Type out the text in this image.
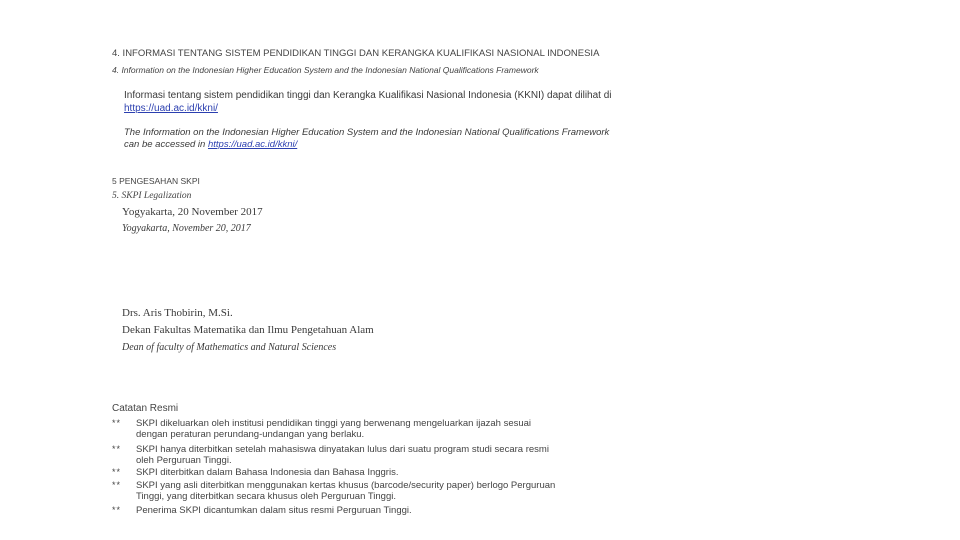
4. INFORMASI TENTANG SISTEM PENDIDIKAN TINGGI DAN KERANGKA KUALIFIKASI NASIONAL INDONESIA
4. Information on the Indonesian Higher Education System and the Indonesian National Qualifications Framework
Informasi tentang sistem pendidikan tinggi dan Kerangka Kualifikasi Nasional Indonesia (KKNI) dapat dilihat di
https://uad.ac.id/kkni/
The Information on the Indonesian Higher Education System and the Indonesian National Qualifications Framework
can be accessed in https://uad.ac.id/kkni/
5 PENGESAHAN SKPI
5. SKPI Legalization
Yogyakarta, 20 November 2017
Yogyakarta, November 20, 2017
Drs. Aris Thobirin, M.Si.
Dekan Fakultas Matematika dan Ilmu Pengetahuan Alam
Dean of faculty of Mathematics and Natural Sciences
Catatan Resmi
** SKPI dikeluarkan oleh institusi pendidikan tinggi yang berwenang mengeluarkan ijazah sesuai
dengan peraturan perundang-undangan yang berlaku.
** SKPI hanya diterbitkan setelah mahasiswa dinyatakan lulus dari suatu program studi secara resmi
oleh Perguruan Tinggi.
** SKPI diterbitkan dalam Bahasa Indonesia dan Bahasa Inggris.
** SKPI yang asli diterbitkan menggunakan kertas khusus (barcode/security paper) berlogo Perguruan
Tinggi, yang diterbitkan secara khusus oleh Perguruan Tinggi.
** Penerima SKPI dicantumkan dalam situs resmi Perguruan Tinggi.
